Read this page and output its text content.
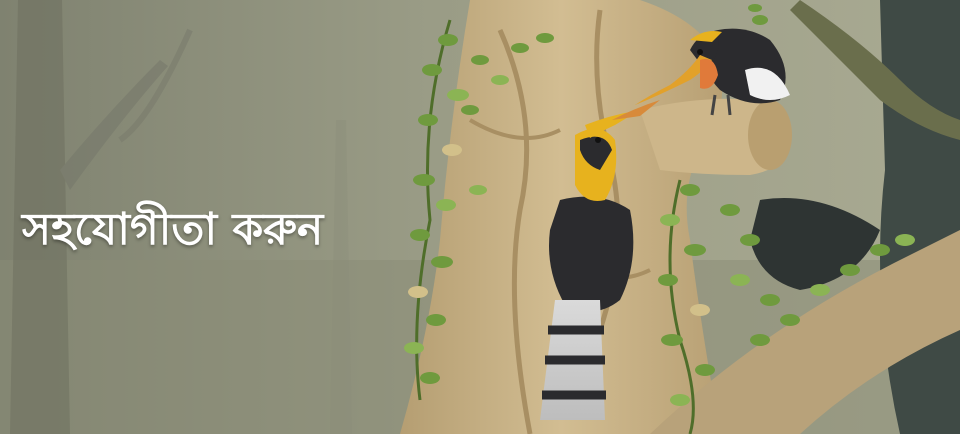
সহযোগীতা করুন
